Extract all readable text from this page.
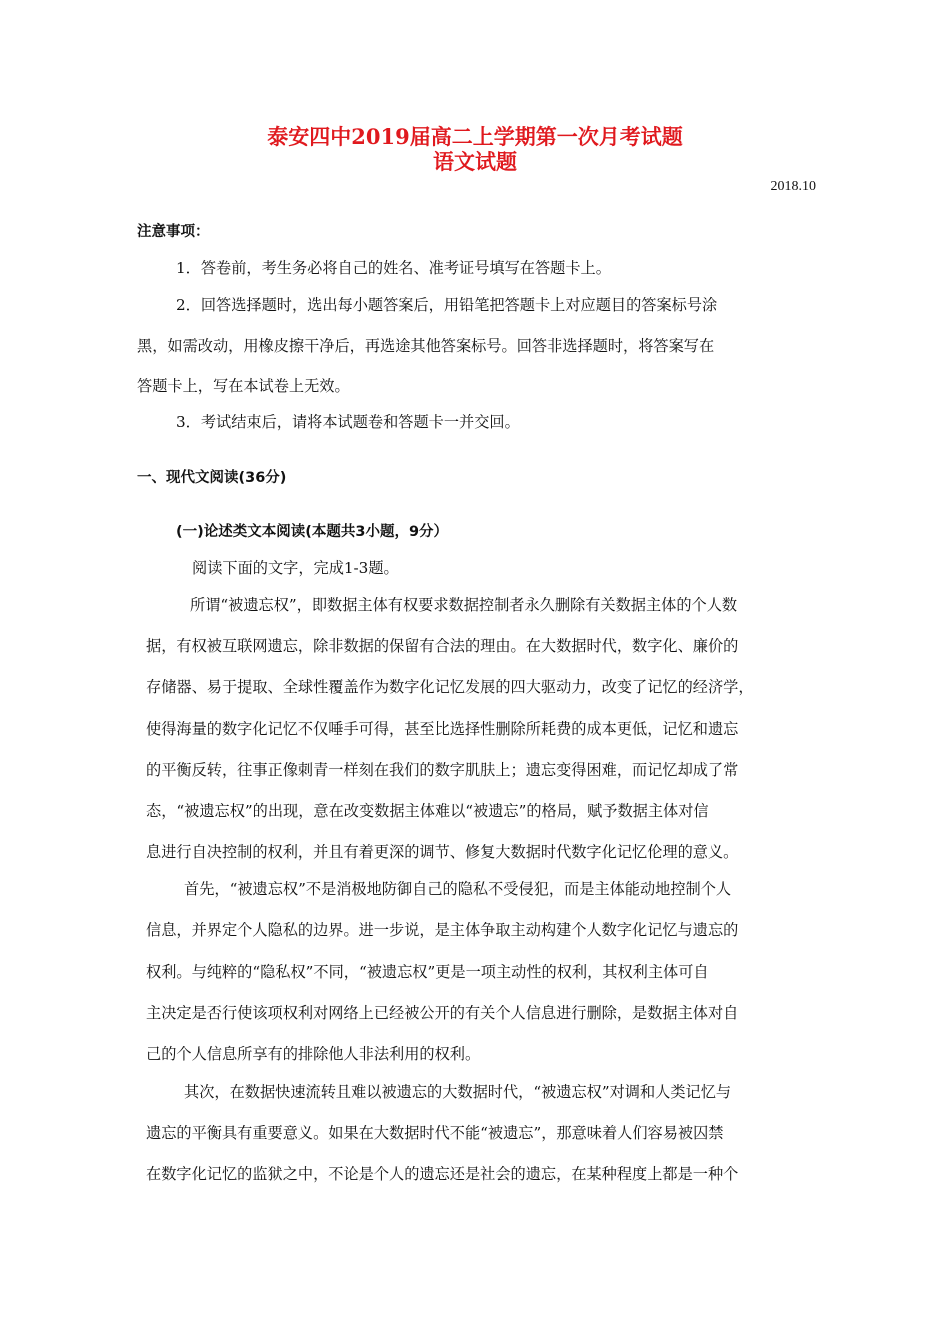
泰安四中2019届高二上学期第一次月考试题
语文试题
2018.10
注意事项：
1．答卷前，考生务必将自己的姓名、准考证号填写在答题卡上。
2．回答选择题时，选出每小题答案后，用铅笔把答题卡上对应题目的答案标号涂
黑，如需改动，用橡皮擦干净后，再选途其他答案标号。回答非选择题时，将答案写在
答题卡上，写在本试卷上无效。
3．考试结束后，请将本试题卷和答题卡一并交回。
一、现代文阅读(36分)
(一)论述类文本阅读(本题共3小题，9分）
阅读下面的文字，完成1-3题。
所谓“被遗忘权”，即数据主体有权要求数据控制者永久删除有关数据主体的个人数
据，有权被互联网遗忘，除非数据的保留有合法的理由。在大数据时代，数字化、廉价的
存储器、易于提取、全球性覆盖作为数字化记忆发展的四大驱动力，改变了记忆的经济学，
使得海量的数字化记忆不仅唾手可得，甚至比选择性删除所耗费的成本更低，记忆和遗忘
的平衡反转，往事正像刺青一样刻在我们的数字肌肤上；遗忘变得困难，而记忆却成了常
态，“被遗忘权”的出现，意在改变数据主体难以“被遗忘”的格局，赋予数据主体对信
息进行自决控制的权利，并且有着更深的调节、修复大数据时代数字化记忆伦理的意义。
首先，“被遗忘权”不是消极地防御自己的隐私不受侵犯，而是主体能动地控制个人
信息，并界定个人隐私的边界。进一步说，是主体争取主动构建个人数字化记忆与遗忘的
权利。与纯粹的“隐私权”不同，“被遗忘权”更是一项主动性的权利，其权利主体可自
主决定是否行使该项权利对网络上已经被公开的有关个人信息进行删除，是数据主体对自
己的个人信息所享有的排除他人非法利用的权利。
其次，在数据快速流转且难以被遗忘的大数据时代，“被遗忘权”对调和人类记忆与
遗忘的平衡具有重要意义。如果在大数据时代不能“被遗忘”，那意味着人们容易被囚禁
在数字化记忆的监狱之中，不论是个人的遗忘还是社会的遗忘，在某种程度上都是一种个
